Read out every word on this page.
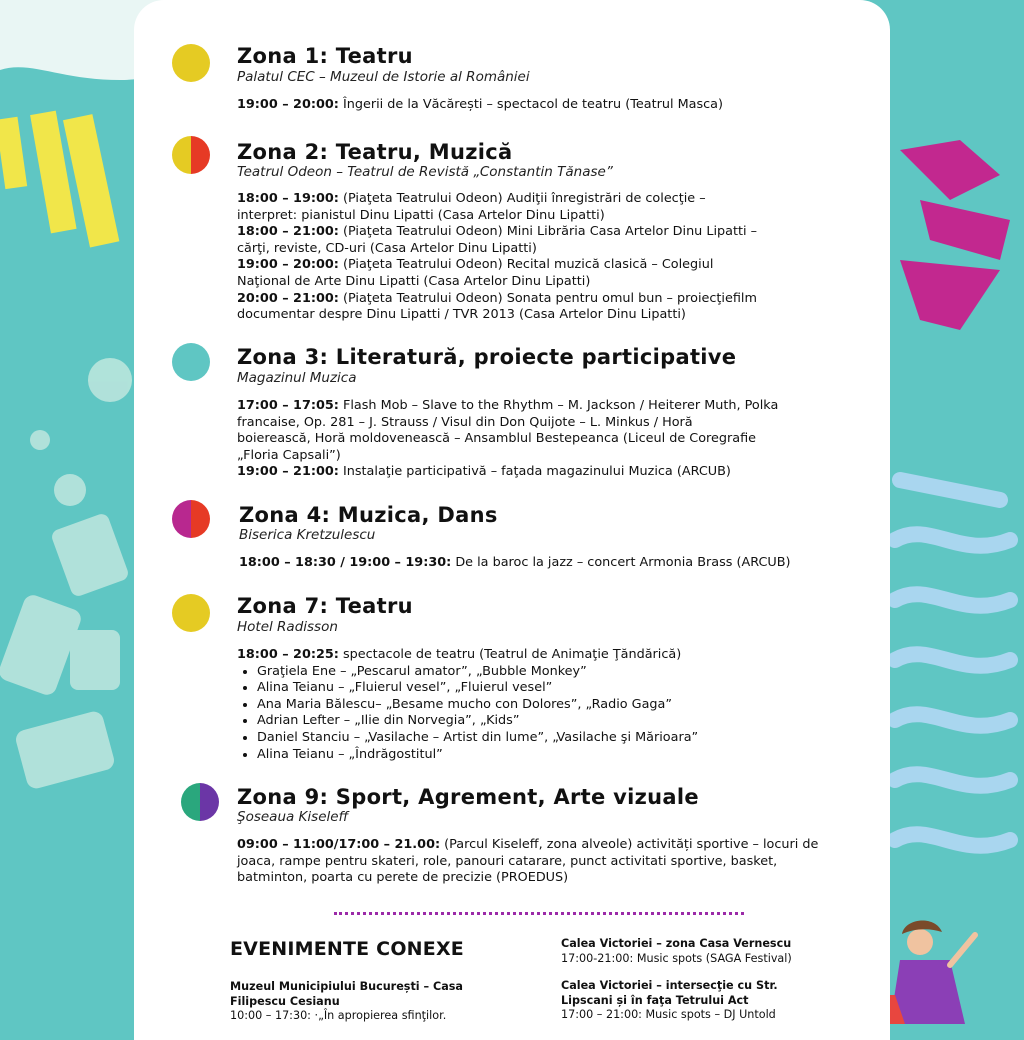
Zona 1: Teatru
Palatul CEC – Muzeul de Istorie al României
19:00 – 20:00: Îngerii de la Văcărești – spectacol de teatru (Teatrul Masca)
Zona 2: Teatru, Muzică
Teatrul Odeon – Teatrul de Revistă „Constantin Tănase”
18:00 – 19:00: (Piaţeta Teatrului Odeon) Audiţii înregistrări de colecţie –
interpret: pianistul Dinu Lipatti (Casa Artelor Dinu Lipatti)
18:00 – 21:00: (Piaţeta Teatrului Odeon) Mini Librăria Casa Artelor Dinu Lipatti –
cărţi, reviste, CD-uri (Casa Artelor Dinu Lipatti)
19:00 – 20:00: (Piaţeta Teatrului Odeon) Recital muzică clasică – Colegiul
Naţional de Arte Dinu Lipatti (Casa Artelor Dinu Lipatti)
20:00 – 21:00: (Piaţeta Teatrului Odeon) Sonata pentru omul bun – proiecţiefilm
documentar despre Dinu Lipatti / TVR 2013 (Casa Artelor Dinu Lipatti)
Zona 3: Literatură, proiecte participative
Magazinul Muzica
17:00 – 17:05: Flash Mob – Slave to the Rhythm – M. Jackson / Heiterer Muth, Polka
francaise, Op. 281 – J. Strauss / Visul din Don Quijote – L. Minkus / Horă
boierească, Horă moldovenească – Ansamblul Bestepeanca (Liceul de Coregrafie
„Floria Capsali”)
19:00 – 21:00: Instalaţie participativă – faţada magazinului Muzica (ARCUB)
Zona 4: Muzica, Dans
Biserica Kretzulescu
18:00 – 18:30 / 19:00 – 19:30: De la baroc la jazz – concert Armonia Brass (ARCUB)
Zona 7: Teatru
Hotel Radisson
18:00 – 20:25: spectacole de teatru (Teatrul de Animaţie Ţăndărică)
• Graţiela Ene – „Pescarul amator”, „Bubble Monkey”
• Alina Teianu – „Fluierul vesel”, „Fluierul vesel”
• Ana Maria Bălescu– „Besame mucho con Dolores”, „Radio Gaga”
• Adrian Lefter – „Ilie din Norvegia”, „Kids”
• Daniel Stanciu – „Vasilache – Artist din lume”, „Vasilache şi Mărioara”
• Alina Teianu – „Îndrăgostitul”
Zona 9: Sport, Agrement, Arte vizuale
Şoseaua Kiseleff
09:00 – 11:00/17:00 – 21.00: (Parcul Kiseleff, zona alveole) activități sportive – locuri de
joaca, rampe pentru skateri, role, panouri catarare, punct activitati sportive, basket,
batminton, poarta cu perete de precizie (PROEDUS)
EVENIMENTE CONEXE
Muzeul Municipiului București – Casa
Filipescu Cesianu
10:00 – 17:30: ·„În apropierea sfinţilor.
Calea Victoriei – zona Casa Vernescu
17:00-21:00: Music spots (SAGA Festival)
Calea Victoriei – intersecţie cu Str.
Lipscani și în faţa Tetrului Act
17:00 – 21:00: Music spots – DJ Untold
